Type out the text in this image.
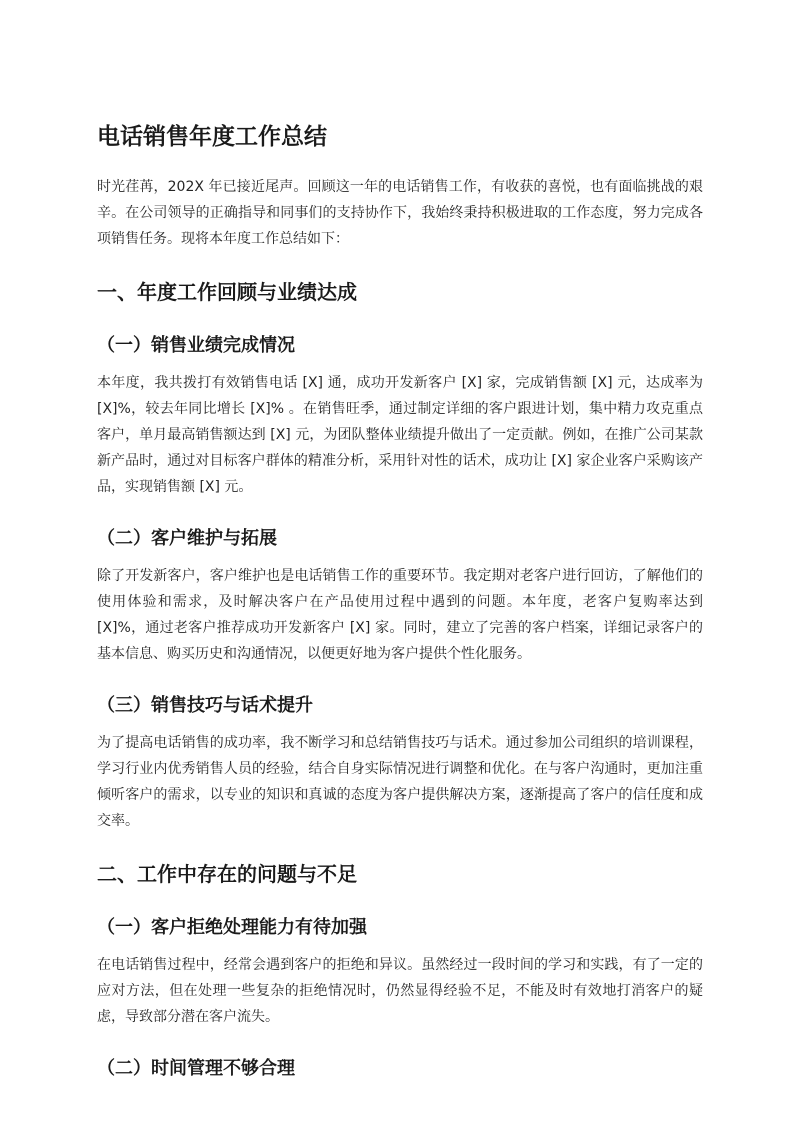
电话销售年度工作总结

时光荏苒，202X 年已接近尾声。回顾这一年的电话销售工作，有收获的喜悦，也有面临挑战的艰辛。在公司领导的正确指导和同事们的支持协作下，我始终秉持积极进取的工作态度，努力完成各项销售任务。现将本年度工作总结如下：

一、年度工作回顾与业绩达成
（一）销售业绩完成情况

本年度，我共拨打有效销售电话 [X] 通，成功开发新客户 [X] 家，完成销售额 [X] 元，达成率为 [X]%，较去年同比增长 [X]% 。在销售旺季，通过制定详细的客户跟进计划，集中精力攻克重点客户，单月最高销售额达到 [X] 元，为团队整体业绩提升做出了一定贡献。例如，在推广公司某款新产品时，通过对目标客户群体的精准分析，采用针对性的话术，成功让 [X] 家企业客户采购该产品，实现销售额 [X] 元。

（二）客户维护与拓展

除了开发新客户，客户维护也是电话销售工作的重要环节。我定期对老客户进行回访，了解他们的使用体验和需求，及时解决客户在产品使用过程中遇到的问题。本年度，老客户复购率达到 [X]%，通过老客户推荐成功开发新客户 [X] 家。同时，建立了完善的客户档案，详细记录客户的基本信息、购买历史和沟通情况，以便更好地为客户提供个性化服务。

（三）销售技巧与话术提升

为了提高电话销售的成功率，我不断学习和总结销售技巧与话术。通过参加公司组织的培训课程，学习行业内优秀销售人员的经验，结合自身实际情况进行调整和优化。在与客户沟通时，更加注重倾听客户的需求，以专业的知识和真诚的态度为客户提供解决方案，逐渐提高了客户的信任度和成交率。

二、工作中存在的问题与不足
（一）客户拒绝处理能力有待加强

在电话销售过程中，经常会遇到客户的拒绝和异议。虽然经过一段时间的学习和实践，有了一定的应对方法，但在处理一些复杂的拒绝情况时，仍然显得经验不足，不能及时有效地打消客户的疑虑，导致部分潜在客户流失。

（二）时间管理不够合理
